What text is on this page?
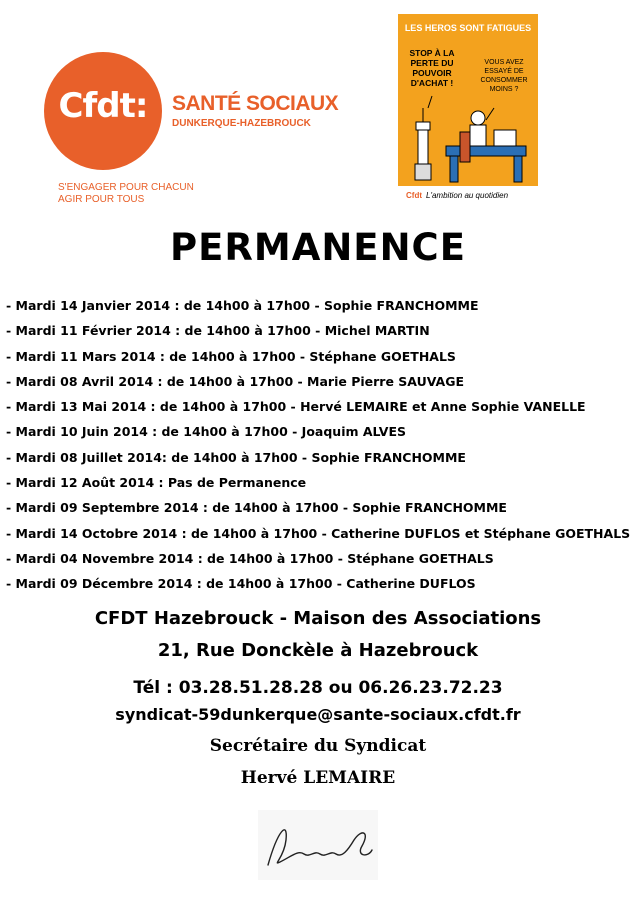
Cfdt:	SANTÉ SOCIAUX
DUNKERQUE-HAZEBROUCK
S'ENGAGER POUR CHACUN
AGIR POUR TOUS
LES HEROS SONT FATIGUES
STOP À LA PERTE DU POUVOIR D'ACHAT !
VOUS AVEZ ESSAYÉ DE CONSOMMER MOINS ?
Cfdt L'ambition au quotidien
PERMANENCE
- Mardi 14 Janvier 2014 : de 14h00 à 17h00 - Sophie FRANCHOMME
- Mardi 11 Février 2014 : de 14h00 à 17h00 - Michel MARTIN
- Mardi 11 Mars 2014 : de 14h00 à 17h00 - Stéphane GOETHALS
- Mardi 08 Avril 2014 : de 14h00 à 17h00 - Marie Pierre SAUVAGE
- Mardi 13 Mai 2014 : de 14h00 à 17h00 - Hervé LEMAIRE et Anne Sophie VANELLE
- Mardi 10 Juin 2014 : de 14h00 à 17h00 - Joaquim ALVES
- Mardi 08 Juillet 2014: de 14h00 à 17h00 - Sophie FRANCHOMME
- Mardi 12 Août 2014 : Pas de Permanence
- Mardi 09 Septembre 2014 : de 14h00 à 17h00 - Sophie FRANCHOMME
- Mardi 14 Octobre 2014 : de 14h00 à 17h00 - Catherine DUFLOS et Stéphane GOETHALS
- Mardi 04 Novembre 2014 : de 14h00 à 17h00 - Stéphane GOETHALS
- Mardi 09 Décembre 2014 : de 14h00 à 17h00 - Catherine DUFLOS
CFDT Hazebrouck - Maison des Associations
21, Rue Donckèle à Hazebrouck
Tél : 03.28.51.28.28 ou 06.26.23.72.23
syndicat-59dunkerque@sante-sociaux.cfdt.fr
Secrétaire du Syndicat
Hervé LEMAIRE
